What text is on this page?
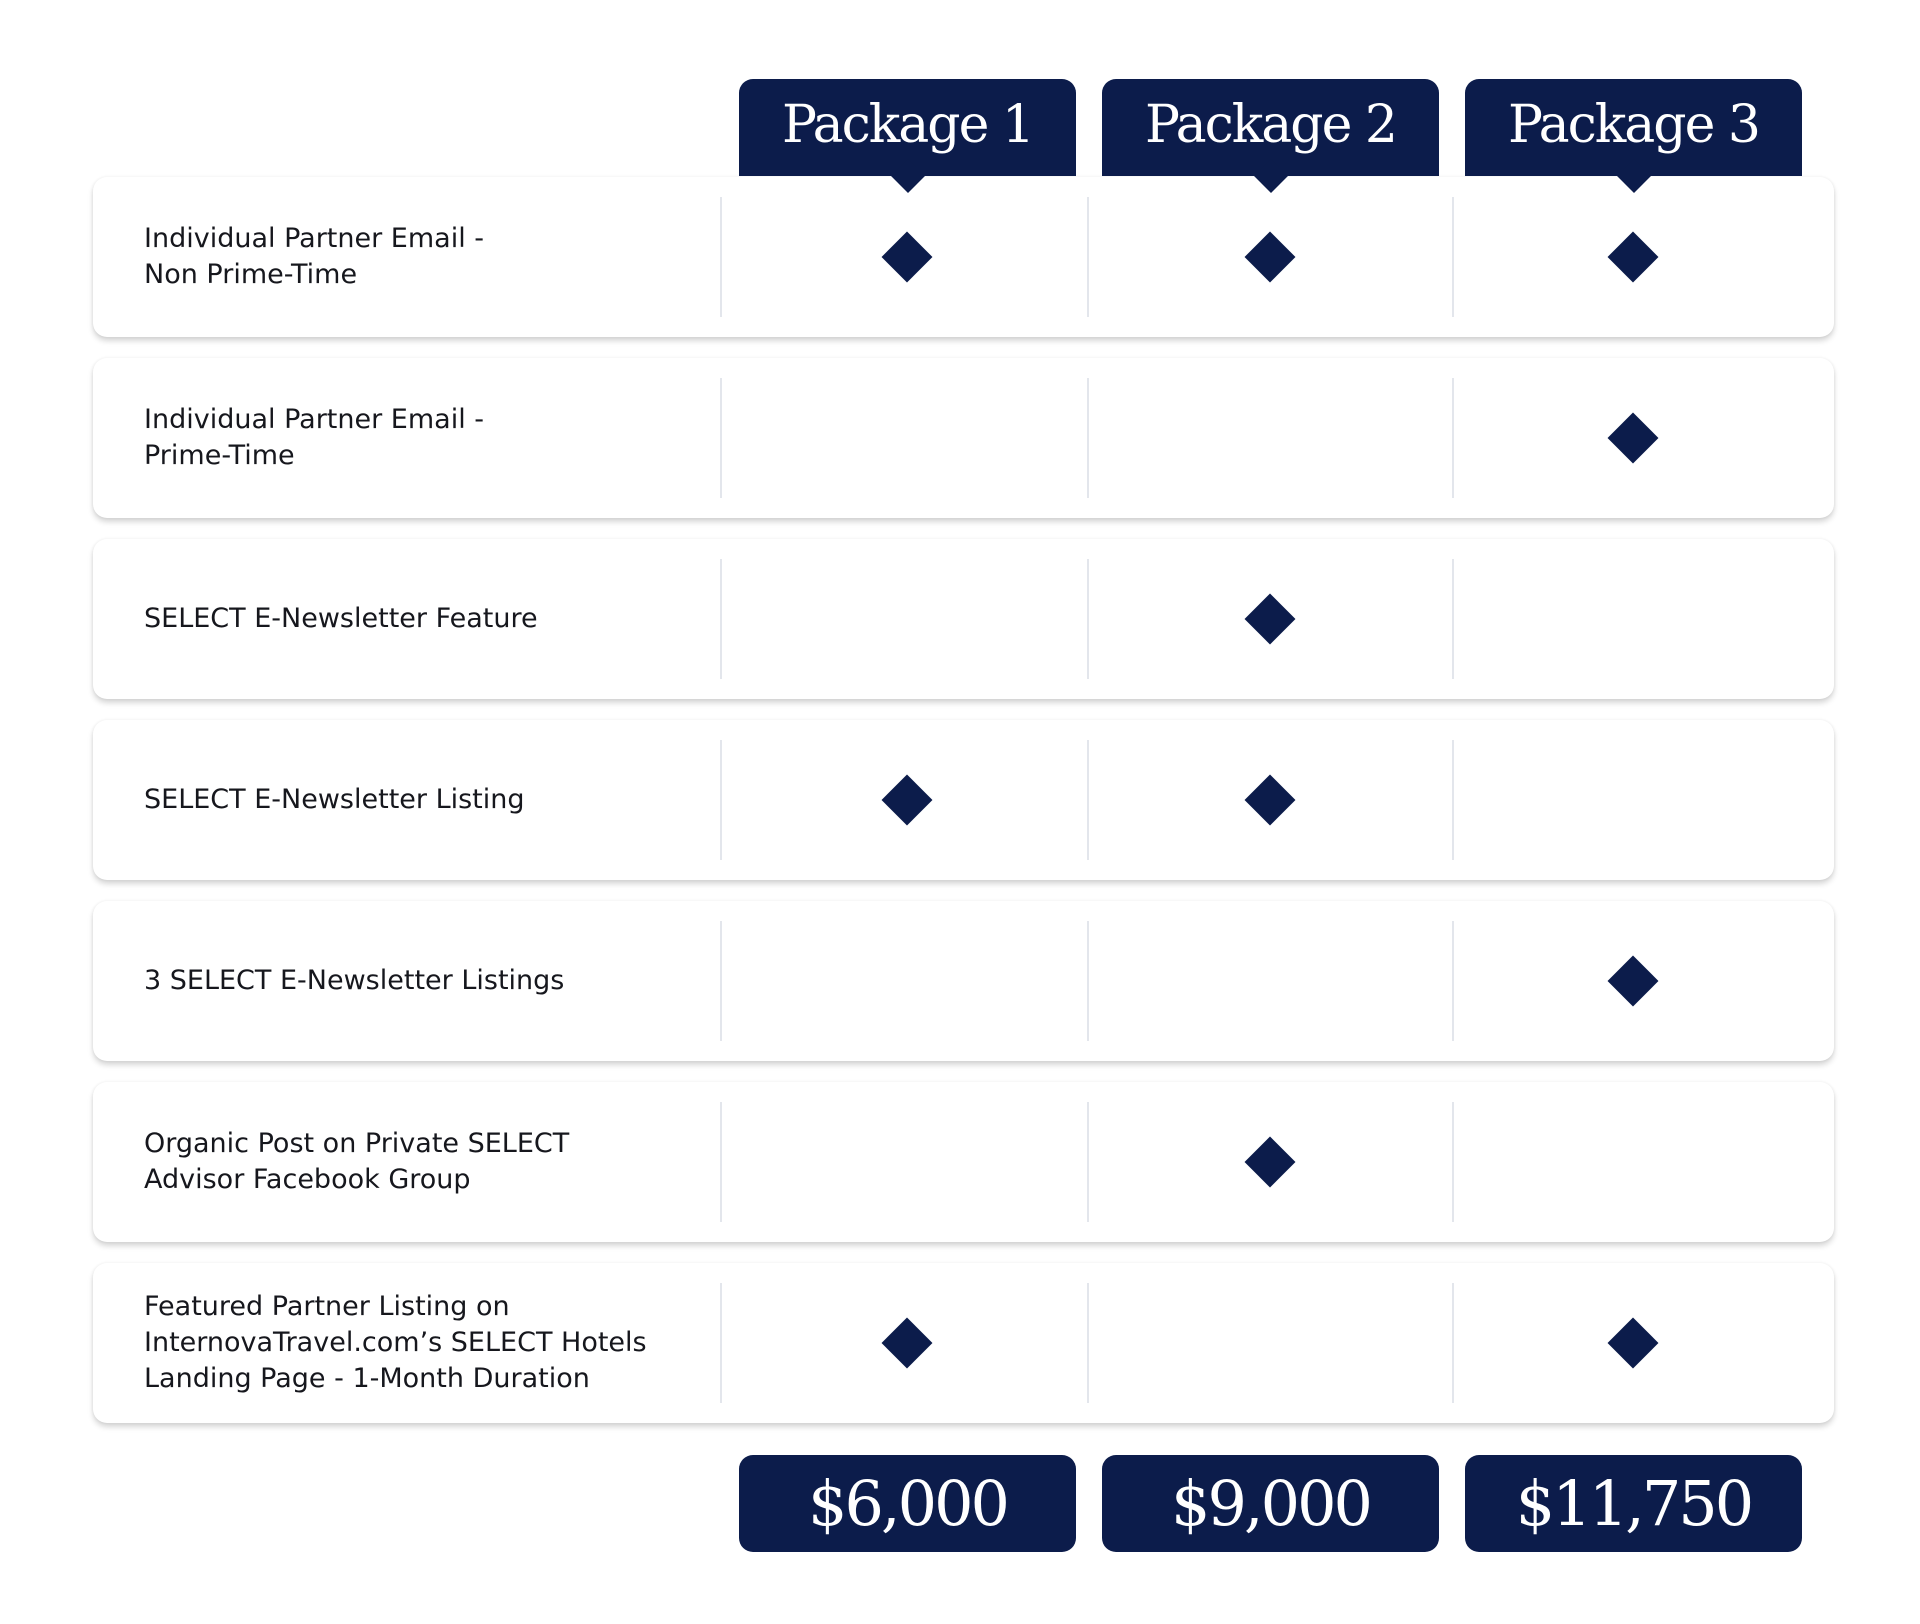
Package 1 Package 2 Package 3
Individual Partner Email -
Non Prime-Time
Individual Partner Email -
Prime-Time
SELECT E-Newsletter Feature
SELECT E-Newsletter Listing
3 SELECT E-Newsletter Listings
Organic Post on Private SELECT
Advisor Facebook Group
Featured Partner Listing on
InternovaTravel.com’s SELECT Hotels
Landing Page - 1-Month Duration
$6,000	$9,000	$11,750
